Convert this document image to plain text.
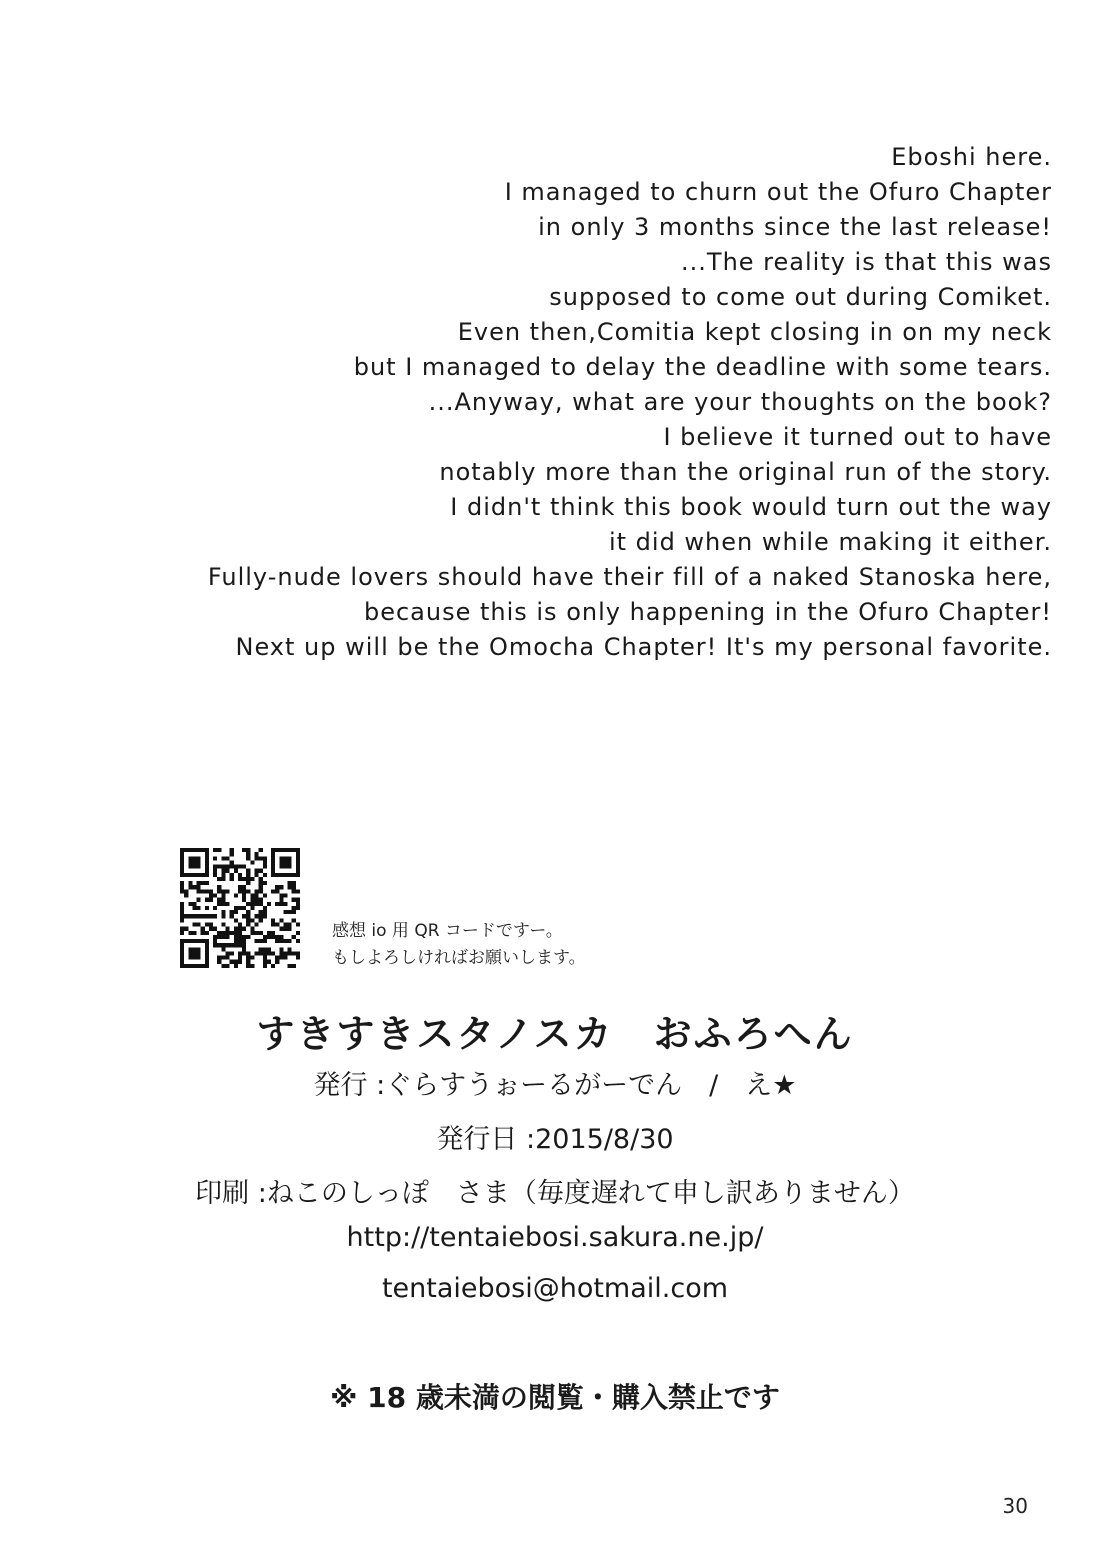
Eboshi here.
I managed to churn out the Ofuro Chapter
in only 3 months since the last release!
...The reality is that this was
supposed to come out during Comiket.
Even then,Comitia kept closing in on my neck
but I managed to delay the deadline with some tears.
...Anyway, what are your thoughts on the book?
I believe it turned out to have
notably more than the original run of the story.
I didn't think this book would turn out the way
it did when while making it either.
Fully-nude lovers should have their fill of a naked Stanoska here,
because this is only happening in the Ofuro Chapter!
Next up will be the Omocha Chapter! It's my personal favorite.
感想 io 用 QR コードですー。
もしよろしければお願いします。
すきすきスタノスカ　おふろへん
発行 :ぐらすうぉーるがーでん　/　え★
発行日 :2015/8/30
印刷 :ねこのしっぽ　さま（毎度遅れて申し訳ありません）
http://tentaiebosi.sakura.ne.jp/
tentaiebosi@hotmail.com
※ 18 歳未満の閲覧・購入禁止です
30
